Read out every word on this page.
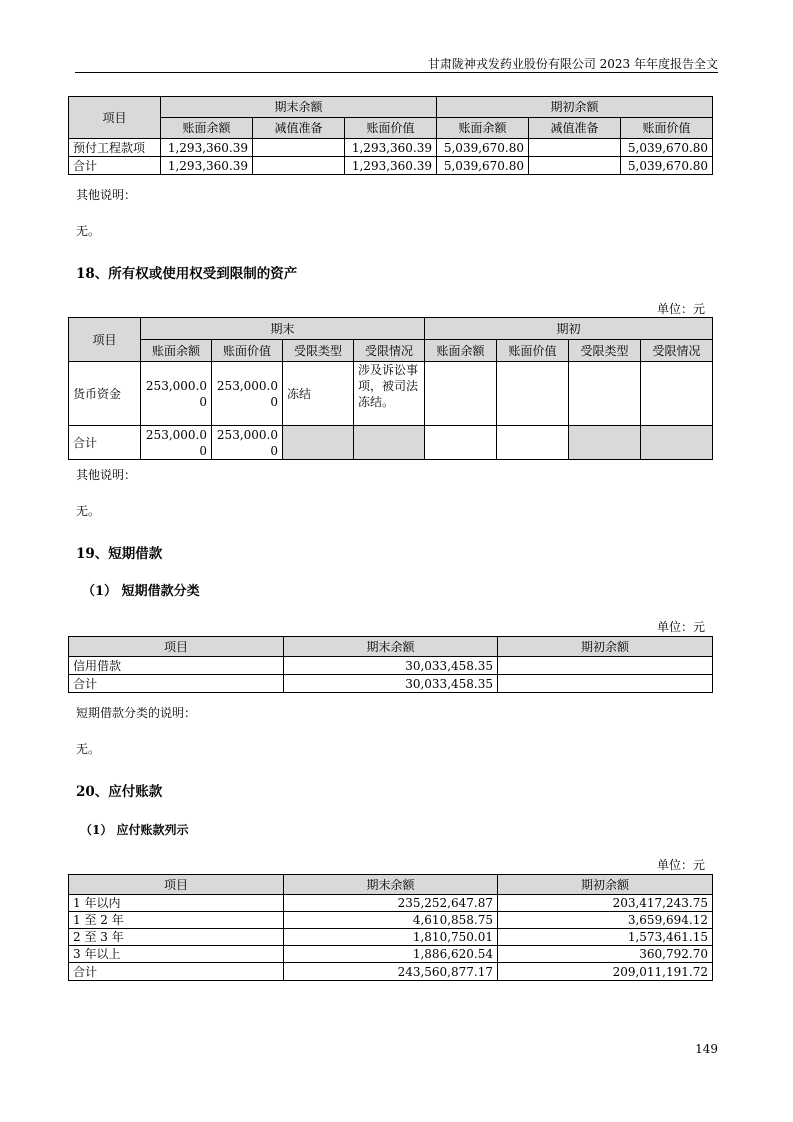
甘肃陇神戎发药业股份有限公司 2023 年年度报告全文
项目	期末余额			期初余额		
	账面余额	减值准备	账面价值	账面余额	减值准备	账面价值
预付工程款项	1,293,360.39		1,293,360.39	5,039,670.80		5,039,670.80
合计	1,293,360.39		1,293,360.39	5,039,670.80		5,039,670.80
其他说明：
无。
18、所有权或使用权受到限制的资产
单位：元
项目	期末				期初			
	账面余额	账面价值	受限类型	受限情况	账面余额	账面价值	受限类型	受限情况
货币资金	253,000.00	253,000.00	冻结	涉及诉讼事项，被司法冻结。				
合计	253,000.00	253,000.00						
其他说明：
无。
19、短期借款
（1） 短期借款分类
单位：元
项目	期末余额	期初余额
信用借款	30,033,458.35	
合计	30,033,458.35	
短期借款分类的说明：
无。
20、应付账款
（1） 应付账款列示
单位：元
项目	期末余额	期初余额
1 年以内	235,252,647.87	203,417,243.75
1 至 2 年	4,610,858.75	3,659,694.12
2 至 3 年	1,810,750.01	1,573,461.15
3 年以上	1,886,620.54	360,792.70
合计	243,560,877.17	209,011,191.72
149
